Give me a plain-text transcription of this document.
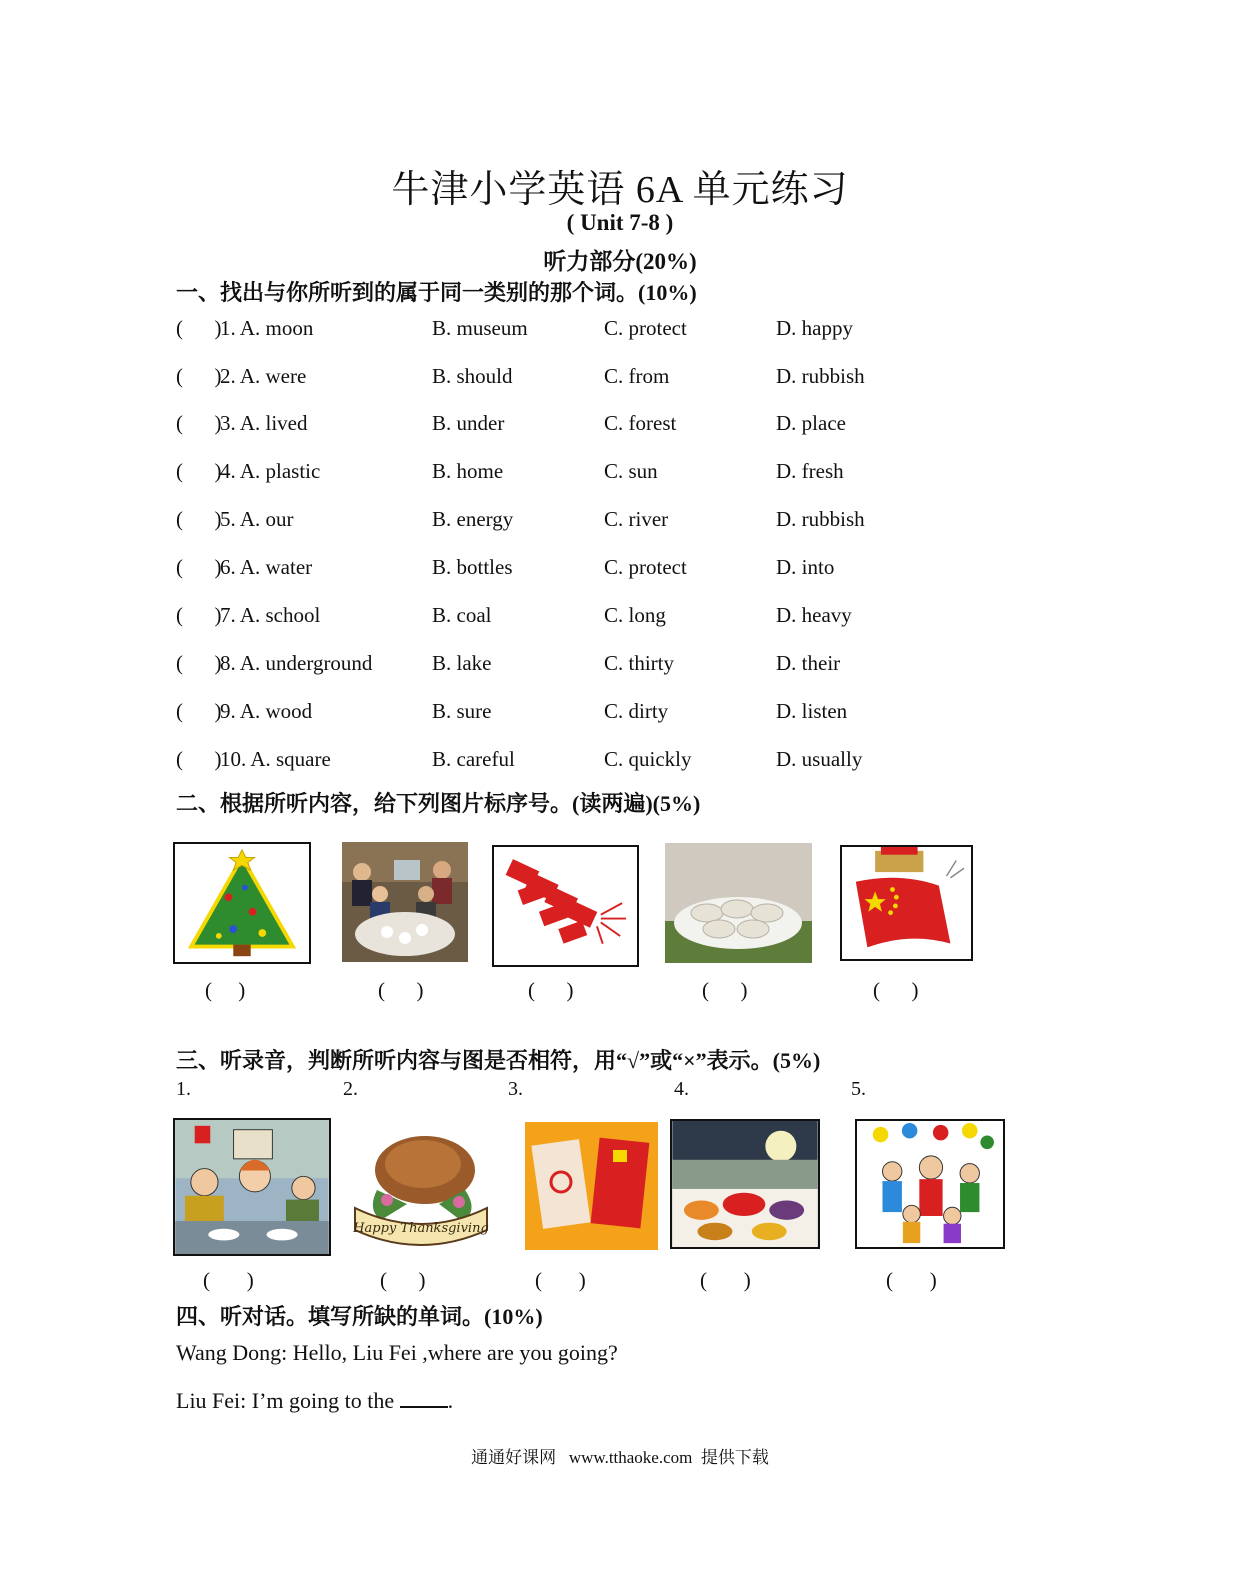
牛津小学英语 6A 单元练习
( Unit 7-8 )
听力部分(20%)
一、找出与你所听到的属于同一类别的那个词。(10%)
(      )
1. A. moon	B. museum	C. protect	D. happy
(      )
2. A. were	B. should	C. from	D. rubbish
(      )
3. A. lived	B. under	C. forest	D. place
(      )
4. A. plastic	B. home	C. sun	D. fresh
(      )
5. A. our	B. energy	C. river	D. rubbish
(      )
6. A. water	B. bottles	C. protect	D. into
(      )
7. A. school	B. coal	C. long	D. heavy
(      )
8. A. underground	B. lake	C. thirty	D. their
(      )
9. A. wood	B. sure	C. dirty	D. listen
(      )
10. A. square	B. careful	C. quickly	D. usually
二、根据所听内容，给下列图片标序号。(读两遍)(5%)
(     )	(      )	(      )	(      )	(      )
三、听录音，判断所听内容与图是否相符，用“√”或“×”表示。(5%)
1.	2.	3.	4.	5.
Happy Thanksgiving
(       )	(      )	(       )	(       )	(       )
四、听对话。填写所缺的单词。(10%)
Wang Dong: Hello, Liu Fei ,where are you going?
Liu Fei: I’m going to the .
通通好课网   www.tthaoke.com  提供下载
